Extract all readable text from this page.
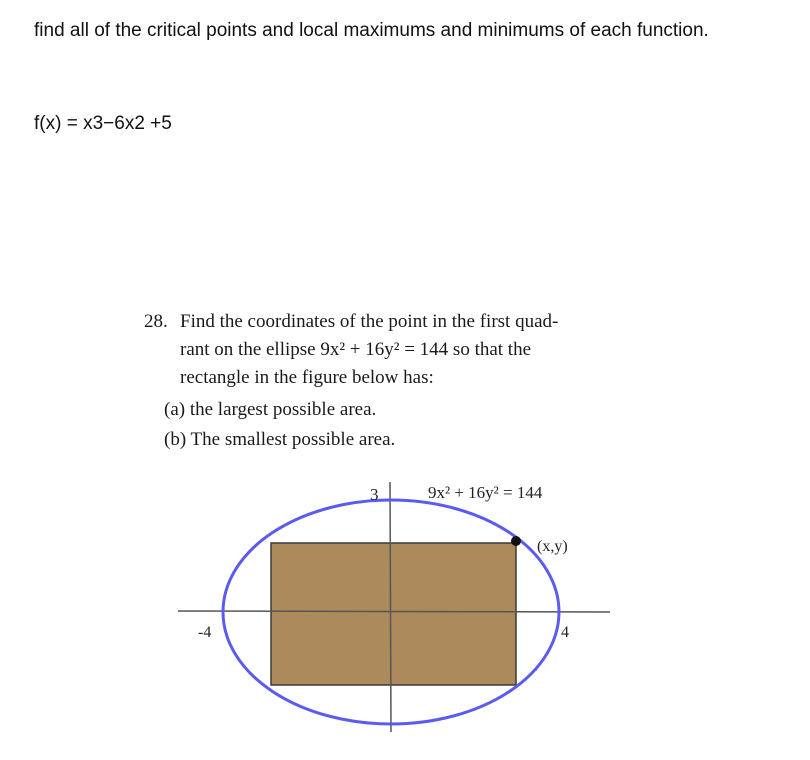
find all of the critical points and local maximums and minimums of each function.
f(x) = x3−6x2 +5
28. Find the coordinates of the point in the first quad-
rant on the ellipse 9x² + 16y² = 144 so that the
rectangle in the figure below has:
(a) the largest possible area.
(b) The smallest possible area.
9x² + 16y² = 144
(x,y)
3
-4	4
